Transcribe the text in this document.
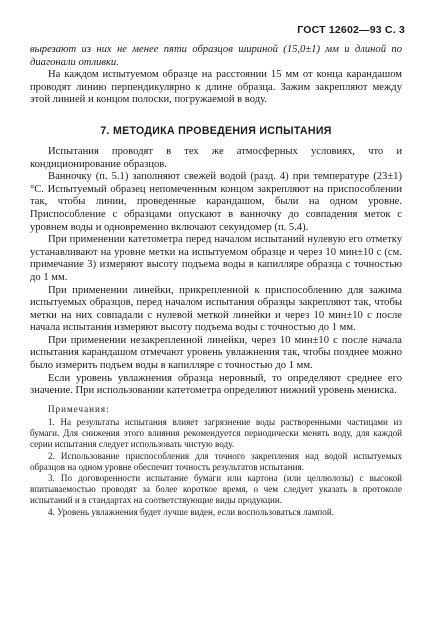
ГОСТ 12602—93 С. 3

вырезают из них не менее пяти образцов шириной (15,0±1) мм и длиной по диагонали отливки.

На каждом испытуемом образце на расстоянии 15 мм от конца карандашом проводят линию перпендикулярно к длине образца. Зажим закрепляют между этой линией и концом полоски, погружаемой в воду.

7. МЕТОДИКА ПРОВЕДЕНИЯ ИСПЫТАНИЯ

Испытания проводят в тех же атмосферных условиях, что и кондиционирование образцов.

Ванночку (п. 5.1) заполняют свежей водой (разд. 4) при температуре (23±1)°С. Испытуемый образец непомеченным концом закрепляют на приспособлении так, чтобы линии, проведенные карандашом, были на одном уровне. Приспособление с образцами опускают в ванночку до совпадения меток с уровнем воды и одновременно включают секундомер (п. 5.4).

При применении катетометра перед началом испытаний нулевую его отметку устанавливают на уровне метки на испытуемом образце и через 10 мин±10 с (см. примечание 3) измеряют высоту подъема воды в капилляре образца с точностью до 1 мм.

При применении линейки, прикрепленной к приспособлению для зажима испытуемых образцов, перед началом испытания образцы закрепляют так, чтобы метки на них совпадали с нулевой меткой линейки и через 10 мин±10 с после начала испытания измеряют высоту подъема воды с точностью до 1 мм.

При применении незакрепленной линейки, через 10 мин±10 с после начала испытания карандашом отмечают уровень увлажнения так, чтобы позднее можно было измерить подъем воды в капилляре с точностью до 1 мм.

Если уровень увлажнения образца неровный, то определяют среднее его значение. При использовании катетометра определяют нижний уровень мениска.

Примечания:

1. На результаты испытания влияет загрязнение воды растворенными частицами из бумаги. Для снижения этого влияния рекомендуется периодически менять воду, для каждой серии испытания следует использовать чистую воду.

2. Использование приспособления для точного закрепления над водой испытуемых образцов на одном уровне обеспечит точность результатов испытания.

3. По договоренности испытание бумаги или картона (или целлюлозы) с высокой впитываемостью проводят за более короткое время, о чем следует указать в протоколе испытаний и в стандартах на соответствующие виды продукции.

4. Уровень увлажнения будет лучше виден, если воспользоваться лампой.
